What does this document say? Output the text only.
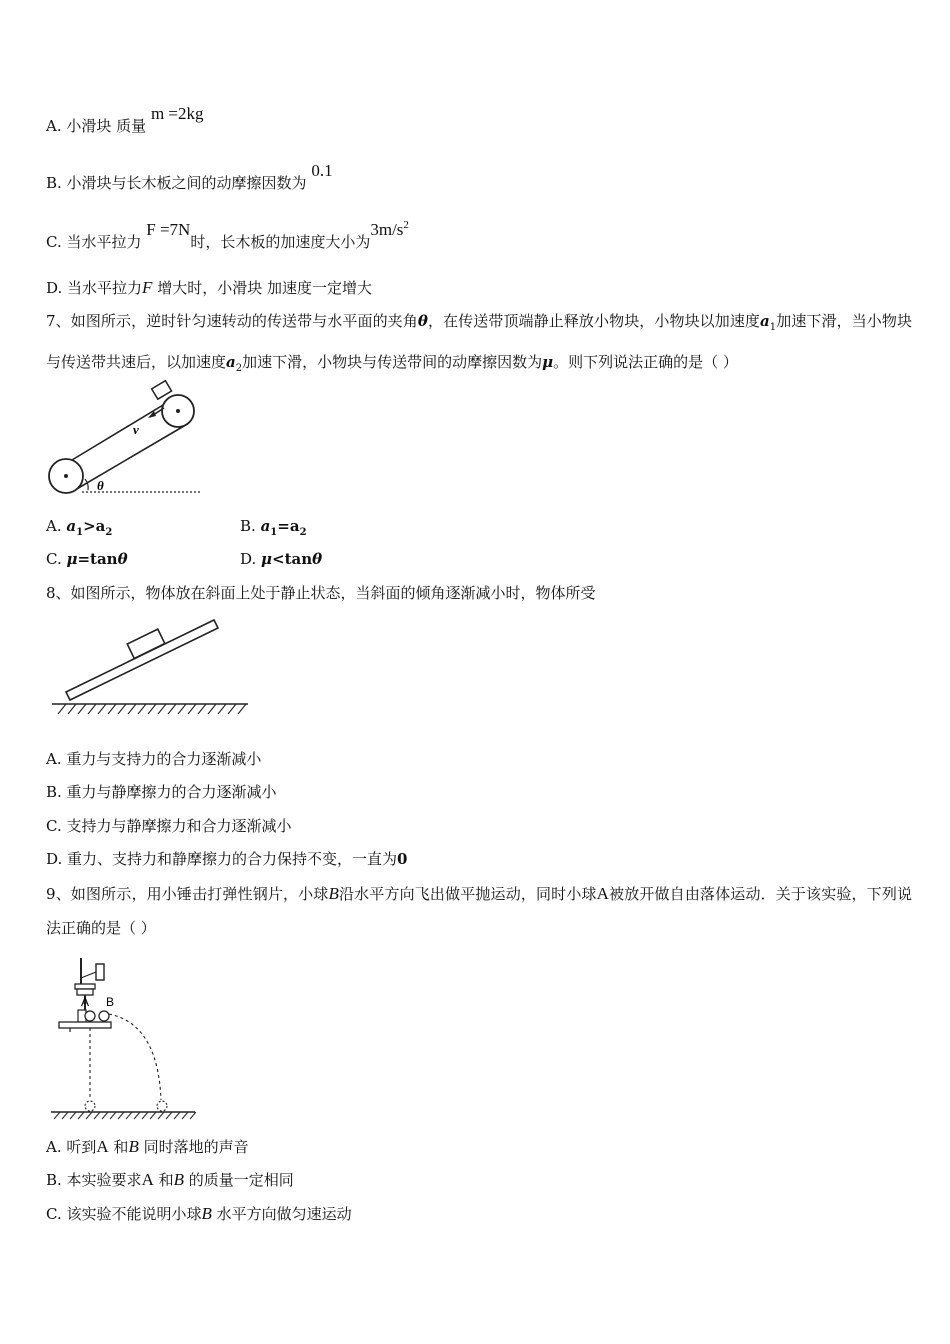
A. 小滑块 质量 m =2kg
B. 小滑块与长木板之间的动摩擦因数为 0.1
C. 当水平拉力 F =7N时，长木板的加速度大小为$3m/s^2$
D. 当水平拉力F 增大时，小滑块 加速度一定增大
7、如图所示，逆时针匀速转动的传送带与水平面的夹角θ，在传送带顶端静止释放小物块，小物块以加速度$a_1$加速下滑，当小物块与传送带共速后，以加速度$a_2$加速下滑，小物块与传送带间的动摩擦因数为μ。则下列说法正确的是（ ）
v
θ
A. $a_1>a_2$	B. $a_1=a_2$
C. μ=tanθ	D. μ<tanθ
8、如图所示，物体放在斜面上处于静止状态，当斜面的倾角逐渐减小时，物体所受
A. 重力与支持力的合力逐渐减小
B. 重力与静摩擦力的合力逐渐减小
C. 支持力与静摩擦力和合力逐渐减小
D. 重力、支持力和静摩擦力的合力保持不变，一直为0
9、如图所示，用小锤击打弹性钢片，小球B沿水平方向飞出做平抛运动，同时小球A被放开做自由落体运动．关于该实验，下列说法正确的是（ ）
A B
A. 听到A 和B 同时落地的声音
B. 本实验要求A 和B 的质量一定相同
C. 该实验不能说明小球B 水平方向做匀速运动
